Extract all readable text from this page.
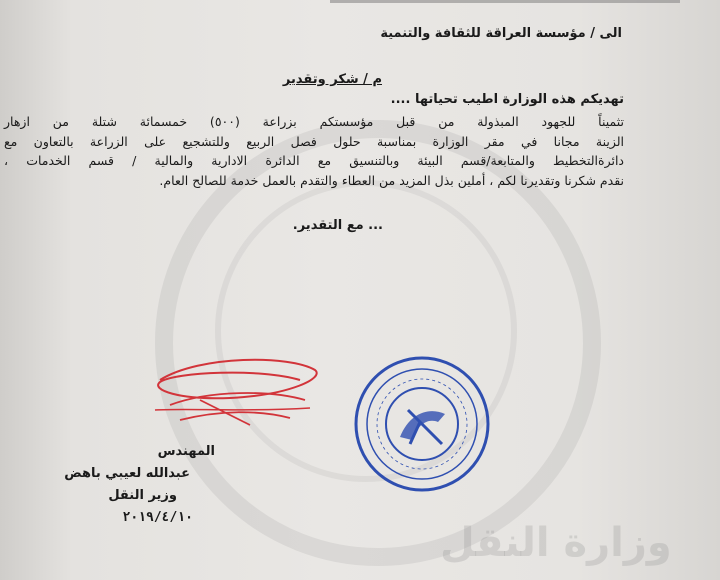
وزارة النقل
الى / مؤسسة العراقة للثقافة والتنمية
م / شكر وتقدير
تهديكم هذه الوزارة اطيب تحياتها ....
تثميناً للجهود المبذولة من قبل مؤسستكم بزراعة (٥٠٠) خمسمائة شتلة من ازهار
الزينة مجانا في مقر الوزارة بمناسبة حلول فصل الربيع وللتشجيع على الزراعة بالتعاون مع
دائرةالتخطيط والمتابعة/قسم البيئة وبالتنسيق مع الدائرة الادارية والمالية / قسم الخدمات ،
نقدم شكرنا وتقديرنا لكم ، أملين بذل المزيد من العطاء والتقدم بالعمل خدمة للصالح العام.
... مع التقدير.
المهندس
عبدالله لعيبي باهض
وزير النقل
٢٠١٩/٤/١٠
